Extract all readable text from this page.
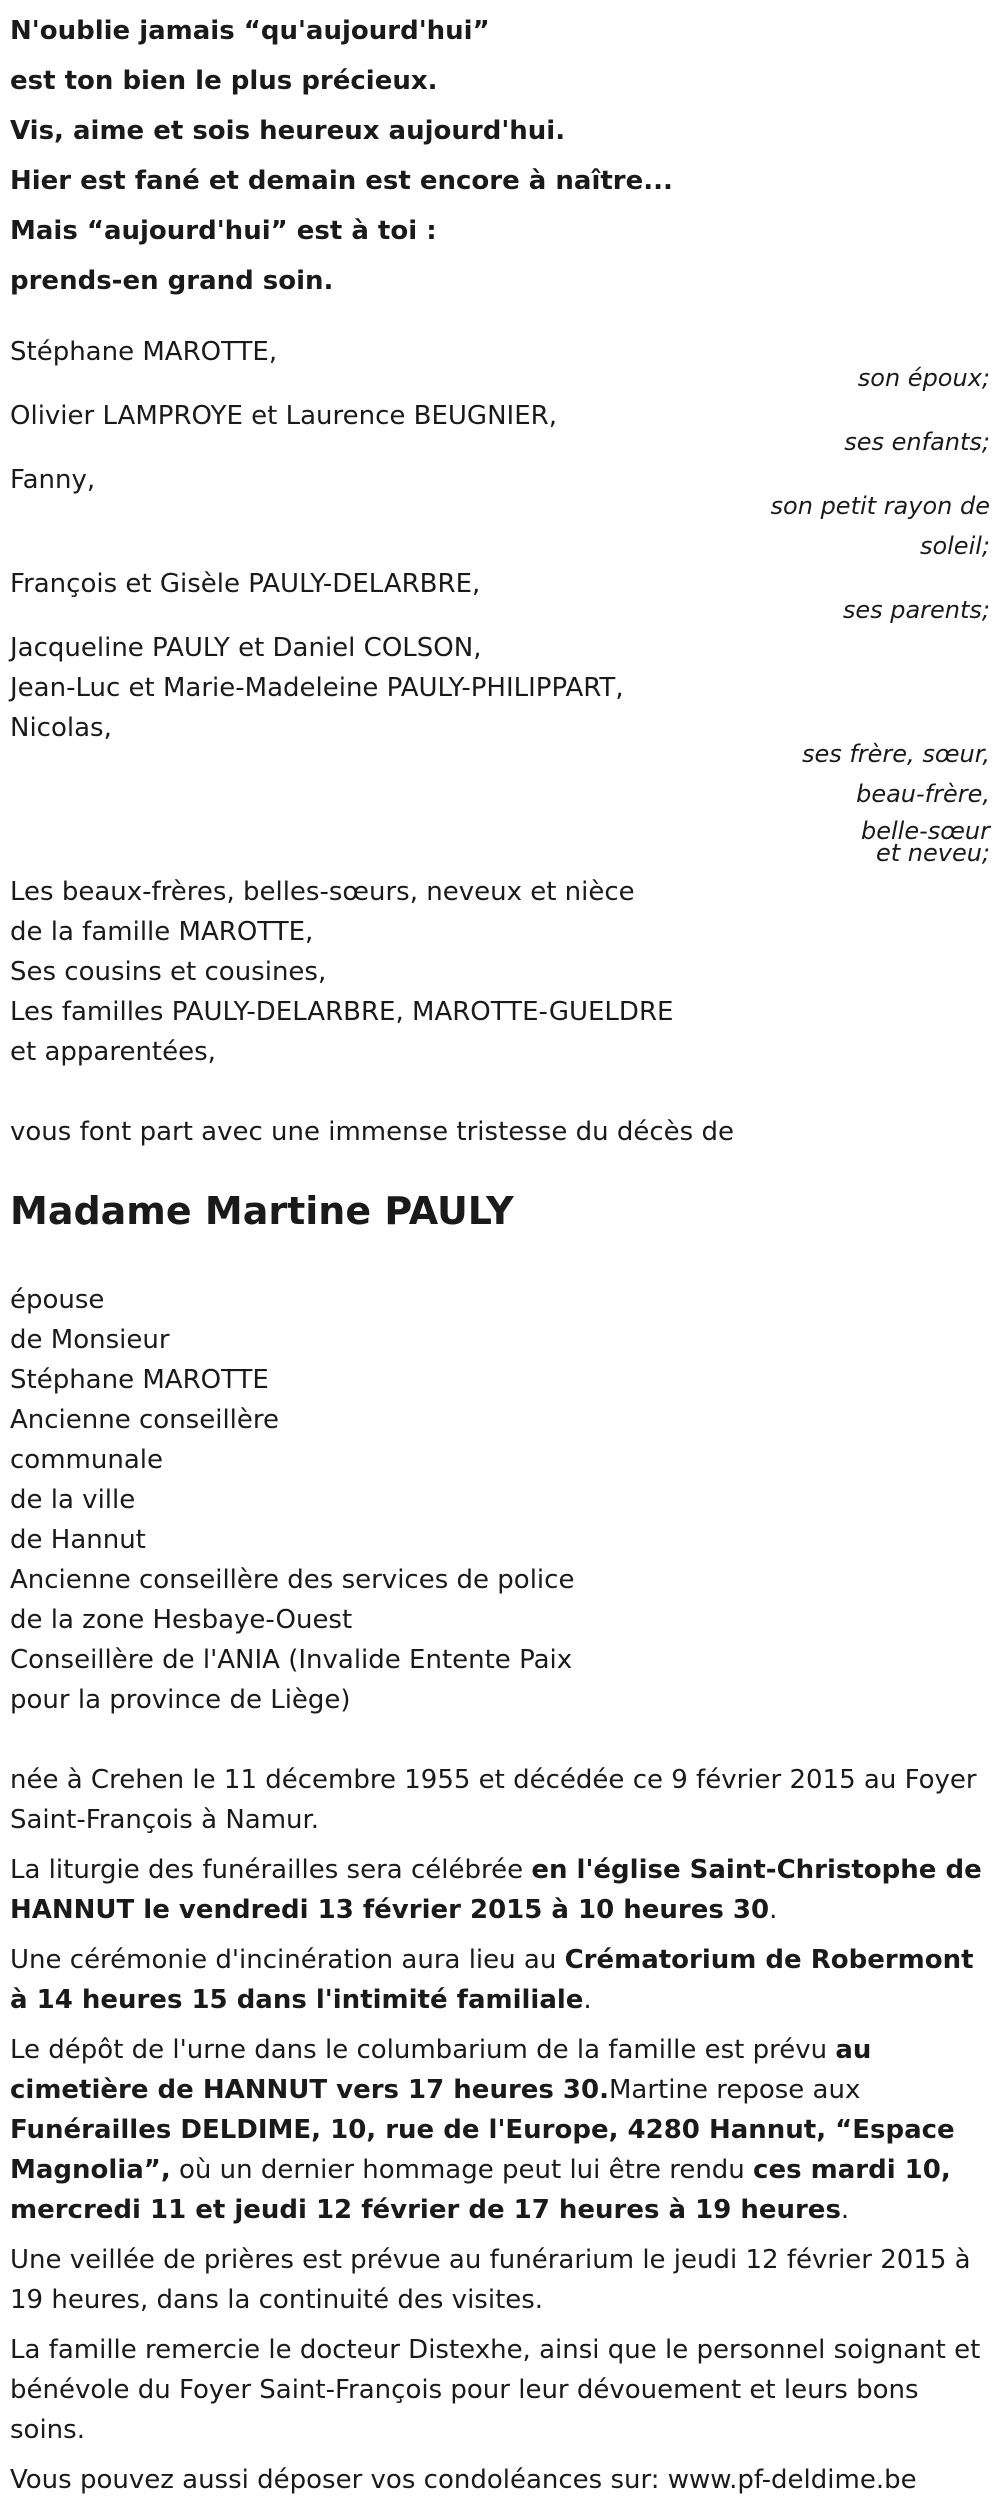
N'oublie jamais “qu'aujourd'hui”

est ton bien le plus précieux.

Vis, aime et sois heureux aujourd'hui.

Hier est fané et demain est encore à naître...

Mais “aujourd'hui” est à toi :

prends-en grand soin.

Stéphane MAROTTE,

son époux;

Olivier LAMPROYE et Laurence BEUGNIER,

ses enfants;

Fanny,

son petit rayon de

soleil;

François et Gisèle PAULY-DELARBRE,

ses parents;

Jacqueline PAULY et Daniel COLSON,

Jean-Luc et Marie-Madeleine PAULY-PHILIPPART,

Nicolas,

ses frère, sœur,

beau-frère,

belle-sœur

et neveu;

Les beaux-frères, belles-sœurs, neveux et nièce

de la famille MAROTTE,

Ses cousins et cousines,

Les familles PAULY-DELARBRE, MAROTTE-GUELDRE

et apparentées,

vous font part avec une immense tristesse du décès de

Madame Martine PAULY

épouse

de Monsieur

Stéphane MAROTTE

Ancienne conseillère

communale

de la ville

de Hannut

Ancienne conseillère des services de police

de la zone Hesbaye-Ouest

Conseillère de l'ANIA (Invalide Entente Paix

pour la province de Liège)

née à Crehen le 11 décembre 1955 et décédée ce 9 février 2015 au Foyer Saint-François à Namur.

La liturgie des funérailles sera célébrée en l'église Saint-Christophe de HANNUT le vendredi 13 février 2015 à 10 heures 30.

Une cérémonie d'incinération aura lieu au Crématorium de Robermont à 14 heures 15 dans l'intimité familiale.

Le dépôt de l'urne dans le columbarium de la famille est prévu au cimetière de HANNUT vers 17 heures 30.Martine repose aux Funérailles DELDIME, 10, rue de l'Europe, 4280 Hannut, “Espace Magnolia”, où un dernier hommage peut lui être rendu ces mardi 10, mercredi 11 et jeudi 12 février de 17 heures à 19 heures.

Une veillée de prières est prévue au funérarium le jeudi 12 février 2015 à 19 heures, dans la continuité des visites.

La famille remercie le docteur Distexhe, ainsi que le personnel soignant et bénévole du Foyer Saint-François pour leur dévouement et leurs bons soins.

Vous pouvez aussi déposer vos condoléances sur: www.pf-deldime.be
